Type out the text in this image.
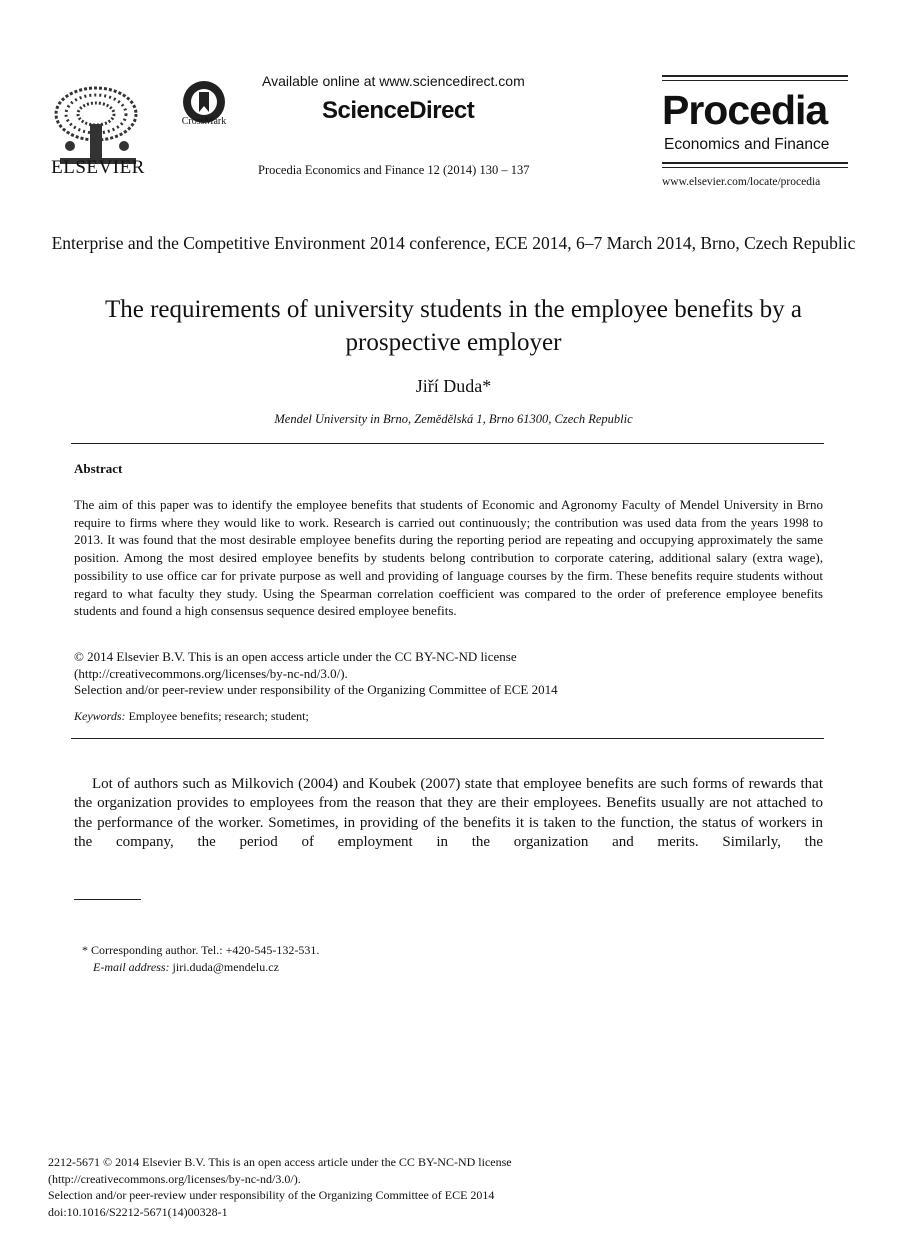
ELSEVIER
CrossMark
Available online at www.sciencedirect.com
ScienceDirect
Procedia Economics and Finance 12 (2014) 130 – 137
Procedia
Economics and Finance
www.elsevier.com/locate/procedia
Enterprise and the Competitive Environment 2014 conference, ECE 2014, 6–7 March 2014, Brno, Czech Republic
The requirements of university students in the employee benefits by a prospective employer
Jiří Duda*
Mendel University in Brno, Zemědělská 1, Brno 61300, Czech Republic
Abstract

The aim of this paper was to identify the employee benefits that students of Economic and Agronomy Faculty of Mendel University in Brno require to firms where they would like to work. Research is carried out continuously; the contribution was used data from the years 1998 to 2013. It was found that the most desirable employee benefits during the reporting period are repeating and occupying approximately the same position. Among the most desired employee benefits by students belong contribution to corporate catering, additional salary (extra wage), possibility to use office car for private purpose as well and providing of language courses by the firm. These benefits require students without regard to what faculty they study. Using the Spearman correlation coefficient was compared to the order of preference employee benefits students and found a high consensus sequence desired employee benefits.

© 2014 Elsevier B.V. This is an open access article under the CC BY-NC-ND license
(http://creativecommons.org/licenses/by-nc-nd/3.0/).
Selection and/or peer-review under responsibility of the Organizing Committee of ECE 2014
Keywords: Employee benefits; research; student;

Lot of authors such as Milkovich (2004) and Koubek (2007) state that employee benefits are such forms of rewards that the organization provides to employees from the reason that they are their employees. Benefits usually are not attached to the performance of the worker. Sometimes, in providing of the benefits it is taken to the function, the status of workers in the company, the period of employment in the organization and merits. Similarly, the

* Corresponding author. Tel.: +420-545-132-531.
E-mail address: jiri.duda@mendelu.cz
2212-5671 © 2014 Elsevier B.V. This is an open access article under the CC BY-NC-ND license
(http://creativecommons.org/licenses/by-nc-nd/3.0/).
Selection and/or peer-review under responsibility of the Organizing Committee of ECE 2014
doi:10.1016/S2212-5671(14)00328-1
